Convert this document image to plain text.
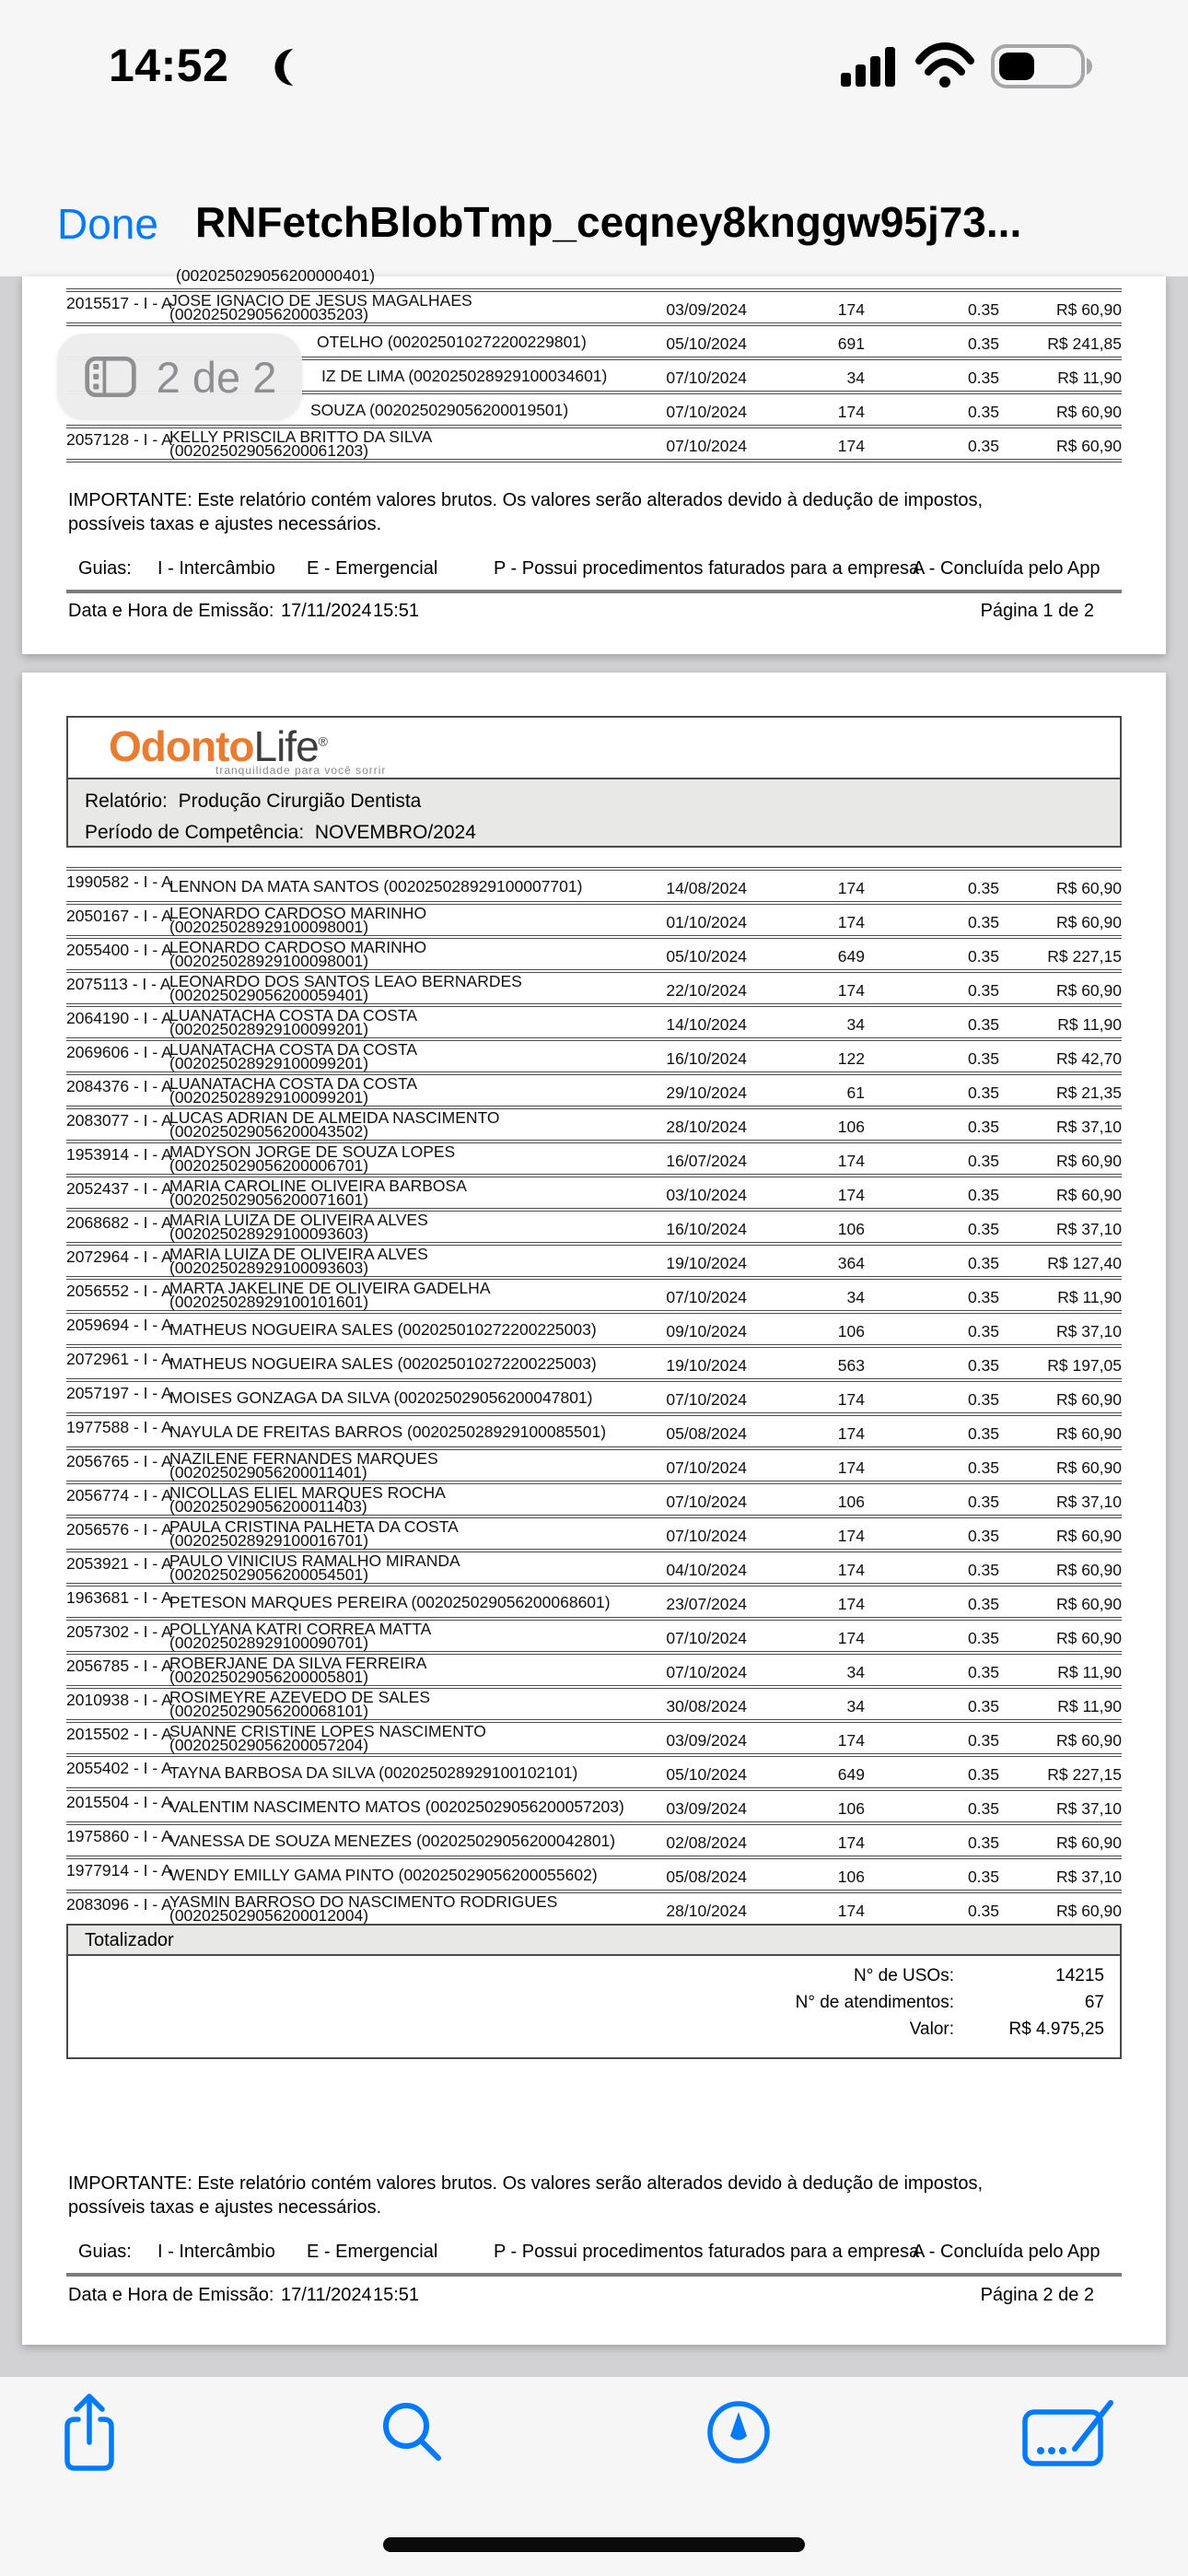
14:52
Done RNFetchBlobTmp_ceqney8knggw95j73...
(002025029056200000401)
2015517 - I - A
JOSE IGNACIO DE JESUS MAGALHAES
(002025029056200035203)	03/09/2024	174	0.35	R$ 60,90
OTELHO (002025010272200229801)	05/10/2024	691	0.35	R$ 241,85
IZ DE LIMA (002025028929100034601)	07/10/2024	34	0.35	R$ 11,90
SOUZA (002025029056200019501)	07/10/2024	174	0.35	R$ 60,90
2057128 - I - A
KELLY PRISCILA BRITTO DA SILVA
(002025029056200061203)	07/10/2024	174	0.35	R$ 60,90
IMPORTANTE: Este relatório contém valores brutos. Os valores serão alterados devido à dedução de impostos, possíveis taxas e ajustes necessários.
Guias: I - Intercâmbio E - Emergencial	P - Possui procedimentos faturados para a empresa
A - Concluída pelo App
Data e Hora de Emissão: 17/11/2024 15:51	Página 1 de 2
OdontoLife®
tranquilidade para você sorrir
Relatório: Produção Cirurgião Dentista
Período de Competência: NOVEMBRO/2024
1990582 - I - A
LENNON DA MATA SANTOS (002025028929100007701)	14/08/2024	174	0.35	R$ 60,90
2050167 - I - A
LEONARDO CARDOSO MARINHO
(002025028929100098001)	01/10/2024	174	0.35	R$ 60,90
2055400 - I - A
LEONARDO CARDOSO MARINHO
(002025028929100098001)	05/10/2024	649	0.35	R$ 227,15
2075113 - I - A
LEONARDO DOS SANTOS LEAO BERNARDES
(002025029056200059401)	22/10/2024	174	0.35	R$ 60,90
2064190 - I - A
LUANATACHA COSTA DA COSTA
(002025028929100099201)	14/10/2024	34	0.35	R$ 11,90
2069606 - I - A
LUANATACHA COSTA DA COSTA
(002025028929100099201)	16/10/2024	122	0.35	R$ 42,70
2084376 - I - A
LUANATACHA COSTA DA COSTA
(002025028929100099201)	29/10/2024	61	0.35	R$ 21,35
2083077 - I - A
LUCAS ADRIAN DE ALMEIDA NASCIMENTO
(002025029056200043502)	28/10/2024	106	0.35	R$ 37,10
1953914 - I - A
MADYSON JORGE DE SOUZA LOPES
(002025029056200006701)	16/07/2024	174	0.35	R$ 60,90
2052437 - I - A
MARIA CAROLINE OLIVEIRA BARBOSA
(002025029056200071601)	03/10/2024	174	0.35	R$ 60,90
2068682 - I - A
MARIA LUIZA DE OLIVEIRA ALVES
(002025028929100093603)	16/10/2024	106	0.35	R$ 37,10
2072964 - I - A
MARIA LUIZA DE OLIVEIRA ALVES
(002025028929100093603)	19/10/2024	364	0.35	R$ 127,40
2056552 - I - A
MARTA JAKELINE DE OLIVEIRA GADELHA
(002025028929100101601)	07/10/2024	34	0.35	R$ 11,90
2059694 - I - A
MATHEUS NOGUEIRA SALES (002025010272200225003)	09/10/2024	106	0.35	R$ 37,10
2072961 - I - A
MATHEUS NOGUEIRA SALES (002025010272200225003)	19/10/2024	563	0.35	R$ 197,05
2057197 - I - A
MOISES GONZAGA DA SILVA (002025029056200047801)	07/10/2024	174	0.35	R$ 60,90
1977588 - I - A
NAYULA DE FREITAS BARROS (002025028929100085501)	05/08/2024	174	0.35	R$ 60,90
2056765 - I - A
NAZILENE FERNANDES MARQUES
(002025029056200011401)	07/10/2024	174	0.35	R$ 60,90
2056774 - I - A
NICOLLAS ELIEL MARQUES ROCHA
(002025029056200011403)	07/10/2024	106	0.35	R$ 37,10
2056576 - I - A
PAULA CRISTINA PALHETA DA COSTA
(002025028929100016701)	07/10/2024	174	0.35	R$ 60,90
2053921 - I - A
PAULO VINICIUS RAMALHO MIRANDA
(002025029056200054501)	04/10/2024	174	0.35	R$ 60,90
1963681 - I - A
PETESON MARQUES PEREIRA (002025029056200068601)	23/07/2024	174	0.35	R$ 60,90
2057302 - I - A
POLLYANA KATRI CORREA MATTA
(002025028929100090701)	07/10/2024	174	0.35	R$ 60,90
2056785 - I - A
ROBERJANE DA SILVA FERREIRA
(002025029056200005801)	07/10/2024	34	0.35	R$ 11,90
2010938 - I - A
ROSIMEYRE AZEVEDO DE SALES
(002025029056200068101)	30/08/2024	34	0.35	R$ 11,90
2015502 - I - A
SUANNE CRISTINE LOPES NASCIMENTO
(002025029056200057204)	03/09/2024	174	0.35	R$ 60,90
2055402 - I - A
TAYNA BARBOSA DA SILVA (002025028929100102101)	05/10/2024	649	0.35	R$ 227,15
2015504 - I - A
VALENTIM NASCIMENTO MATOS (002025029056200057203)	03/09/2024	106	0.35	R$ 37,10
1975860 - I - A
VANESSA DE SOUZA MENEZES (002025029056200042801)	02/08/2024	174	0.35	R$ 60,90
1977914 - I - A
WENDY EMILLY GAMA PINTO (002025029056200055602)	05/08/2024	106	0.35	R$ 37,10
2083096 - I - A
YASMIN BARROSO DO NASCIMENTO RODRIGUES
(002025029056200012004)	28/10/2024	174	0.35	R$ 60,90
Totalizador
N° de USOs:	14215
N° de atendimentos:	67
Valor:	R$ 4.975,25
IMPORTANTE: Este relatório contém valores brutos. Os valores serão alterados devido à dedução de impostos, possíveis taxas e ajustes necessários.
Guias: I - Intercâmbio E - Emergencial	P - Possui procedimentos faturados para a empresa
A - Concluída pelo App
Data e Hora de Emissão: 17/11/2024 15:51	Página 2 de 2
2 de 2
